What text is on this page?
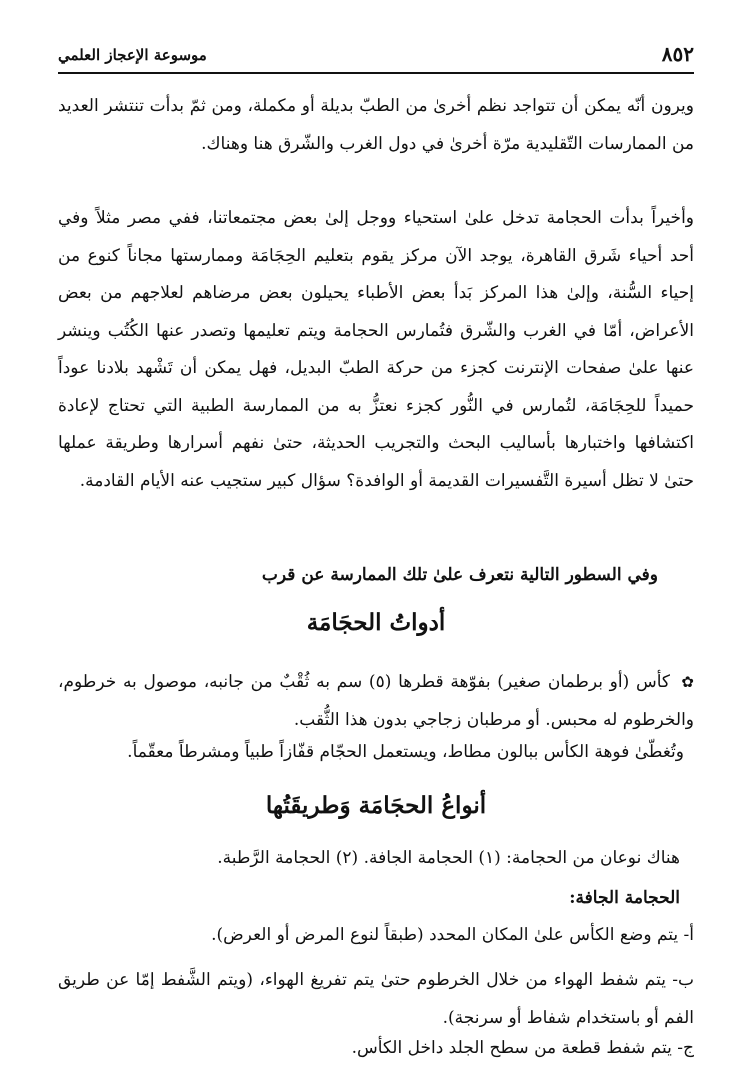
٨٥٢
موسوعة الإعجاز العلمي

ويرون أنّه يمكن أن تتواجد نظم أخرىٰ من الطبّ بديلة أو مكملة، ومن ثمّ بدأت تنتشر العديد من الممارسات التّقليدية مرّة أخرىٰ في دول الغرب والشّرق هنا وهناك.

وأخيراً بدأت الحجامة تدخل علىٰ استحياء ووجل إلىٰ بعض مجتمعاتنا، ففي مصر مثلاً وفي أحد أحياء شَرق القاهرة، يوجد الآن مركز يقوم بتعليم الحِجَامَة وممارستها مجاناً كنوع من إحياء السُّنة، وإلىٰ هذا المركز بَدأ بعض الأطباء يحيلون بعض مرضاهم لعلاجهم من بعض الأعراض، أمّا في الغرب والشّرق فتُمارس الحجامة ويتم تعليمها وتصدر عنها الكُتُب وينشر عنها علىٰ صفحات الإنترنت كجزء من حركة الطبّ البديل، فهل يمكن أن تَشْهد بلادنا عوداً حميداً للحِجَامَة، لتُمارس في النُّور كجزء نعتزُّ به من الممارسة الطبية التي تحتاج لإعادة اكتشافها واختبارها بأساليب البحث والتجريب الحديثة، حتىٰ نفهم أسرارها وطريقة عملها حتىٰ لا تظل أسيرة التَّفسيرات القديمة أو الوافدة؟ سؤال كبير ستجيب عنه الأيام القادمة.

وفي السطور التالية نتعرف علىٰ تلك الممارسة عن قرب

أدواتُ الحجَامَة

✿كأس (أو برطمان صغير) بفوّهة قطرها (٥) سم به ثُقْبٌ من جانبه، موصول به خرطوم، والخرطوم له محبس. أو مرطبان زجاجي بدون هذا الثُّقب.

وتُغطّىٰ فوهة الكأس ببالون مطاط، ويستعمل الحجّام قفّازاً طبياً ومشرطاً معقّماً.

أنواعُ الحجَامَة وَطريقَتُها

هناك نوعان من الحجامة: (١) الحجامة الجافة. (٢) الحجامة الرَّطبة.

الحجامة الجافة:

أ- يتم وضع الكأس علىٰ المكان المحدد (طبقاً لنوع المرض أو العرض).

ب- يتم شفط الهواء من خلال الخرطوم حتىٰ يتم تفريغ الهواء، (ويتم الشَّفط إمّا عن طريق الفم أو باستخدام شفاط أو سرنجة).

ج- يتم شفط قطعة من سطح الجلد داخل الكأس.
